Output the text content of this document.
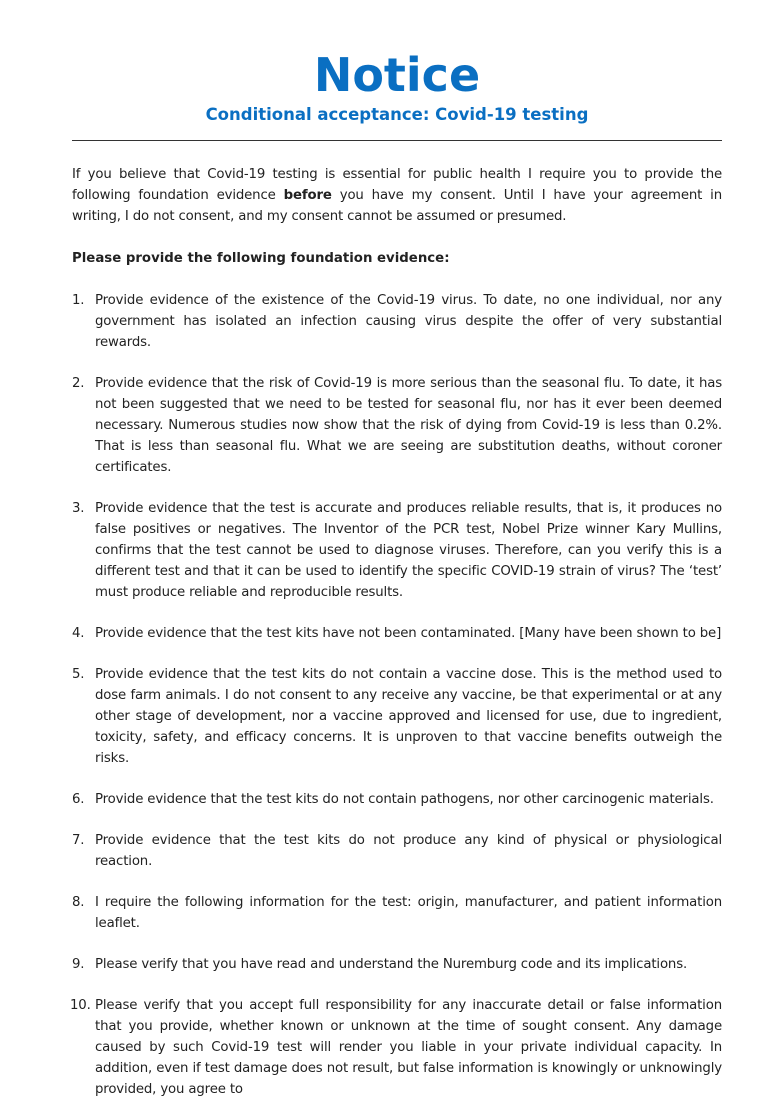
Notice
Conditional acceptance: Covid-19 testing

If you believe that Covid-19 testing is essential for public health I require you to provide the following foundation evidence before you have my consent. Until I have your agreement in writing, I do not consent, and my consent cannot be assumed or presumed.

Please provide the following foundation evidence:

1. Provide evidence of the existence of the Covid-19 virus. To date, no one individual, nor any government has isolated an infection causing virus despite the offer of very substantial rewards.
2. Provide evidence that the risk of Covid-19 is more serious than the seasonal flu. To date, it has not been suggested that we need to be tested for seasonal flu, nor has it ever been deemed necessary. Numerous studies now show that the risk of dying from Covid-19 is less than 0.2%. That is less than seasonal flu. What we are seeing are substitution deaths, without coroner certificates.
3. Provide evidence that the test is accurate and produces reliable results, that is, it produces no false positives or negatives. The Inventor of the PCR test, Nobel Prize winner Kary Mullins, confirms that the test cannot be used to diagnose viruses. Therefore, can you verify this is a different test and that it can be used to identify the specific COVID-19 strain of virus? The ‘test’ must produce reliable and reproducible results.
4. Provide evidence that the test kits have not been contaminated. [Many have been shown to be]
5. Provide evidence that the test kits do not contain a vaccine dose. This is the method used to dose farm animals. I do not consent to any receive any vaccine, be that experimental or at any other stage of development, nor a vaccine approved and licensed for use, due to ingredient, toxicity, safety, and efficacy concerns. It is unproven to that vaccine benefits outweigh the risks.
6. Provide evidence that the test kits do not contain pathogens, nor other carcinogenic materials.
7. Provide evidence that the test kits do not produce any kind of physical or physiological reaction.
8. I require the following information for the test: origin, manufacturer, and patient information leaflet.
9. Please verify that you have read and understand the Nuremburg code and its implications.
10. Please verify that you accept full responsibility for any inaccurate detail or false information that you provide, whether known or unknown at the time of sought consent. Any damage caused by such Covid-19 test will render you liable in your private individual capacity. In addition, even if test damage does not result, but false information is knowingly or unknowingly provided, you agree to
